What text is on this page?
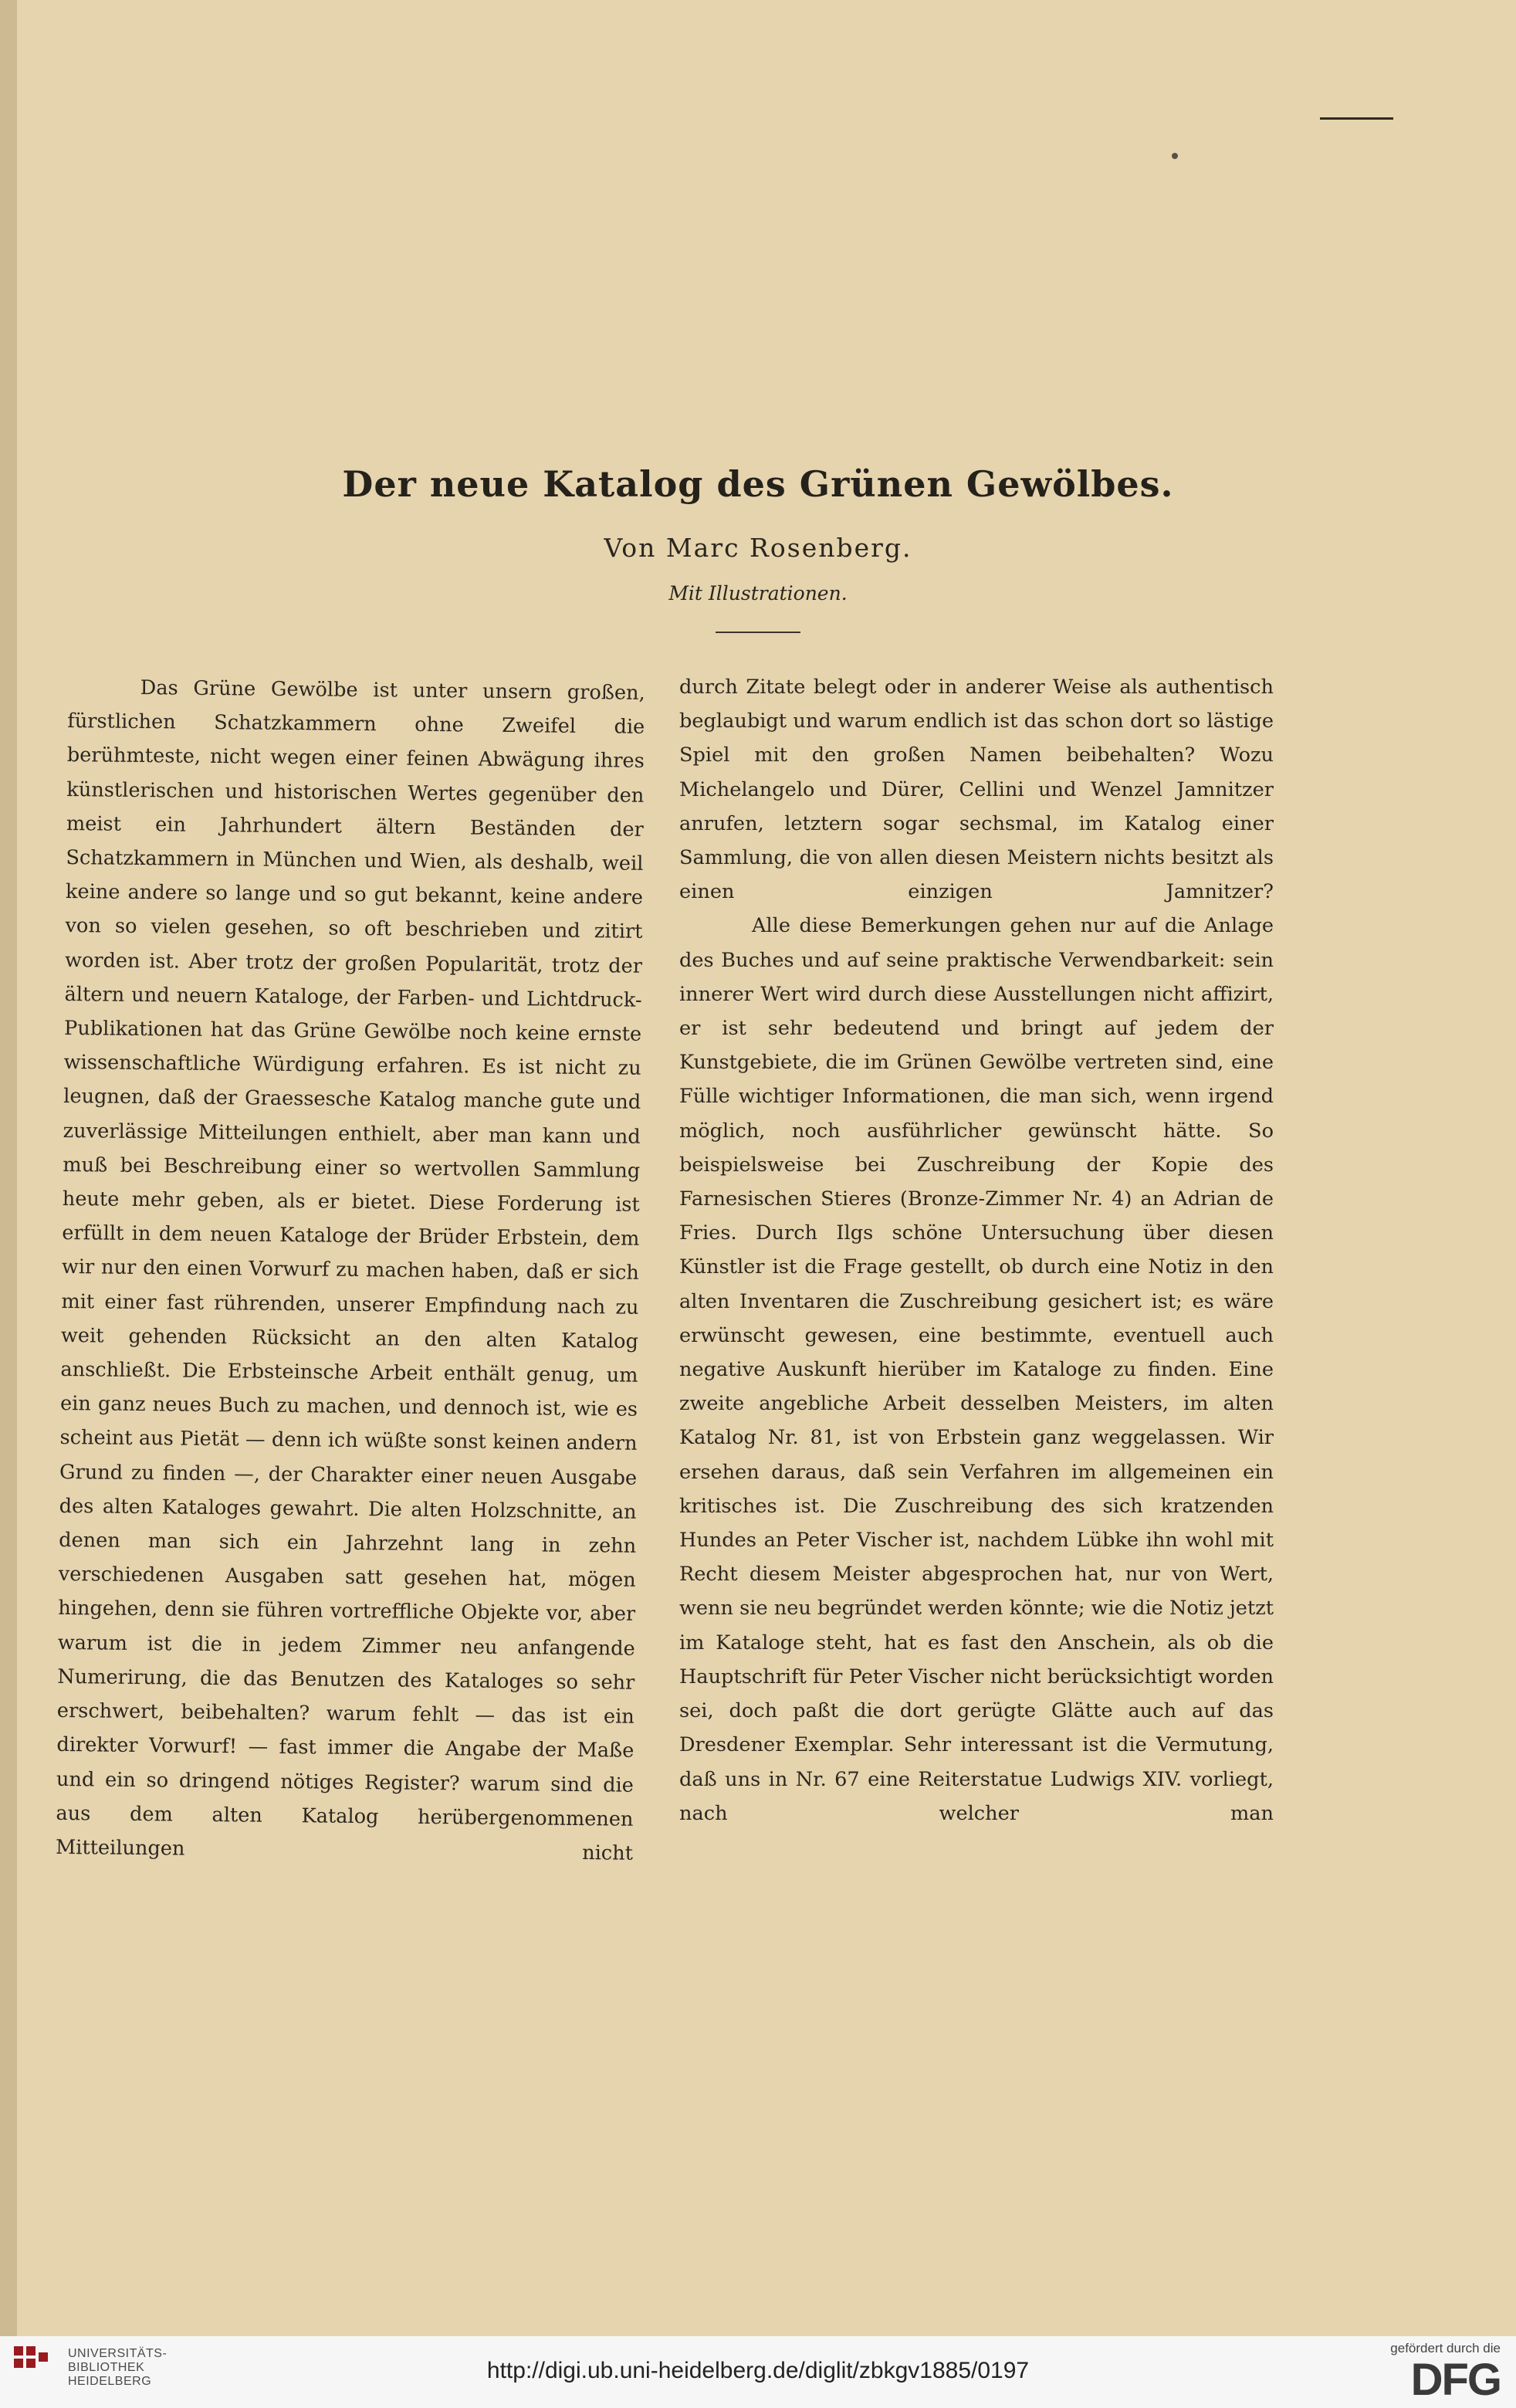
Der neue Katalog des Grünen Gewölbes.
Von Marc Rosenberg.
Mit Illustrationen.

Das Grüne Gewölbe ist unter unsern großen, fürstlichen Schatzkammern ohne Zweifel die berühmteste, nicht wegen einer feinen Abwägung ihres künstlerischen und historischen Wertes gegenüber den meist ein Jahrhundert ältern Beständen der Schatzkammern in München und Wien, als deshalb, weil keine andere so lange und so gut bekannt, keine andere von so vielen gesehen, so oft beschrieben und zitirt worden ist. Aber trotz der großen Popularität, trotz der ältern und neuern Kataloge, der Farben- und Lichtdruck-Publikationen hat das Grüne Gewölbe noch keine ernste wissenschaftliche Würdigung erfahren. Es ist nicht zu leugnen, daß der Graessesche Katalog manche gute und zuverlässige Mitteilungen enthielt, aber man kann und muß bei Beschreibung einer so wertvollen Sammlung heute mehr geben, als er bietet. Diese Forderung ist erfüllt in dem neuen Kataloge der Brüder Erbstein, dem wir nur den einen Vorwurf zu machen haben, daß er sich mit einer fast rührenden, unserer Empfindung nach zu weit gehenden Rücksicht an den alten Katalog anschließt. Die Erbsteinsche Arbeit enthält genug, um ein ganz neues Buch zu machen, und dennoch ist, wie es scheint aus Pietät — denn ich wüßte sonst keinen andern Grund zu finden —, der Charakter einer neuen Ausgabe des alten Kataloges gewahrt. Die alten Holzschnitte, an denen man sich ein Jahrzehnt lang in zehn verschiedenen Ausgaben satt gesehen hat, mögen hingehen, denn sie führen vortreffliche Objekte vor, aber warum ist die in jedem Zimmer neu anfangende Numerirung, die das Benutzen des Kataloges so sehr erschwert, beibehalten? warum fehlt — das ist ein direkter Vorwurf! — fast immer die Angabe der Maße und ein so dringend nötiges Register? warum sind die aus dem alten Katalog herübergenommenen Mitteilungen nicht

durch Zitate belegt oder in anderer Weise als authentisch beglaubigt und warum endlich ist das schon dort so lästige Spiel mit den großen Namen beibehalten? Wozu Michelangelo und Dürer, Cellini und Wenzel Jamnitzer anrufen, letztern sogar sechsmal, im Katalog einer Sammlung, die von allen diesen Meistern nichts besitzt als einen einzigen Jamnitzer?

Alle diese Bemerkungen gehen nur auf die Anlage des Buches und auf seine praktische Verwendbarkeit: sein innerer Wert wird durch diese Ausstellungen nicht affizirt, er ist sehr bedeutend und bringt auf jedem der Kunstgebiete, die im Grünen Gewölbe vertreten sind, eine Fülle wichtiger Informationen, die man sich, wenn irgend möglich, noch ausführlicher gewünscht hätte. So beispielsweise bei Zuschreibung der Kopie des Farnesischen Stieres (Bronze-Zimmer Nr. 4) an Adrian de Fries. Durch Ilgs schöne Untersuchung über diesen Künstler ist die Frage gestellt, ob durch eine Notiz in den alten Inventaren die Zuschreibung gesichert ist; es wäre erwünscht gewesen, eine bestimmte, eventuell auch negative Auskunft hierüber im Kataloge zu finden. Eine zweite angebliche Arbeit desselben Meisters, im alten Katalog Nr. 81, ist von Erbstein ganz weggelassen. Wir ersehen daraus, daß sein Verfahren im allgemeinen ein kritisches ist. Die Zuschreibung des sich kratzenden Hundes an Peter Vischer ist, nachdem Lübke ihn wohl mit Recht diesem Meister abgesprochen hat, nur von Wert, wenn sie neu begründet werden könnte; wie die Notiz jetzt im Kataloge steht, hat es fast den Anschein, als ob die Hauptschrift für Peter Vischer nicht berücksichtigt worden sei, doch paßt die dort gerügte Glätte auch auf das Dresdener Exemplar. Sehr interessant ist die Vermutung, daß uns in Nr. 67 eine Reiterstatue Ludwigs XIV. vorliegt, nach welcher man

UNIVERSITÄTS-
BIBLIOTHEK
HEIDELBERG	http://digi.ub.uni-heidelberg.de/diglit/zbkgv1885/0197
gefördert durch die
DFG
